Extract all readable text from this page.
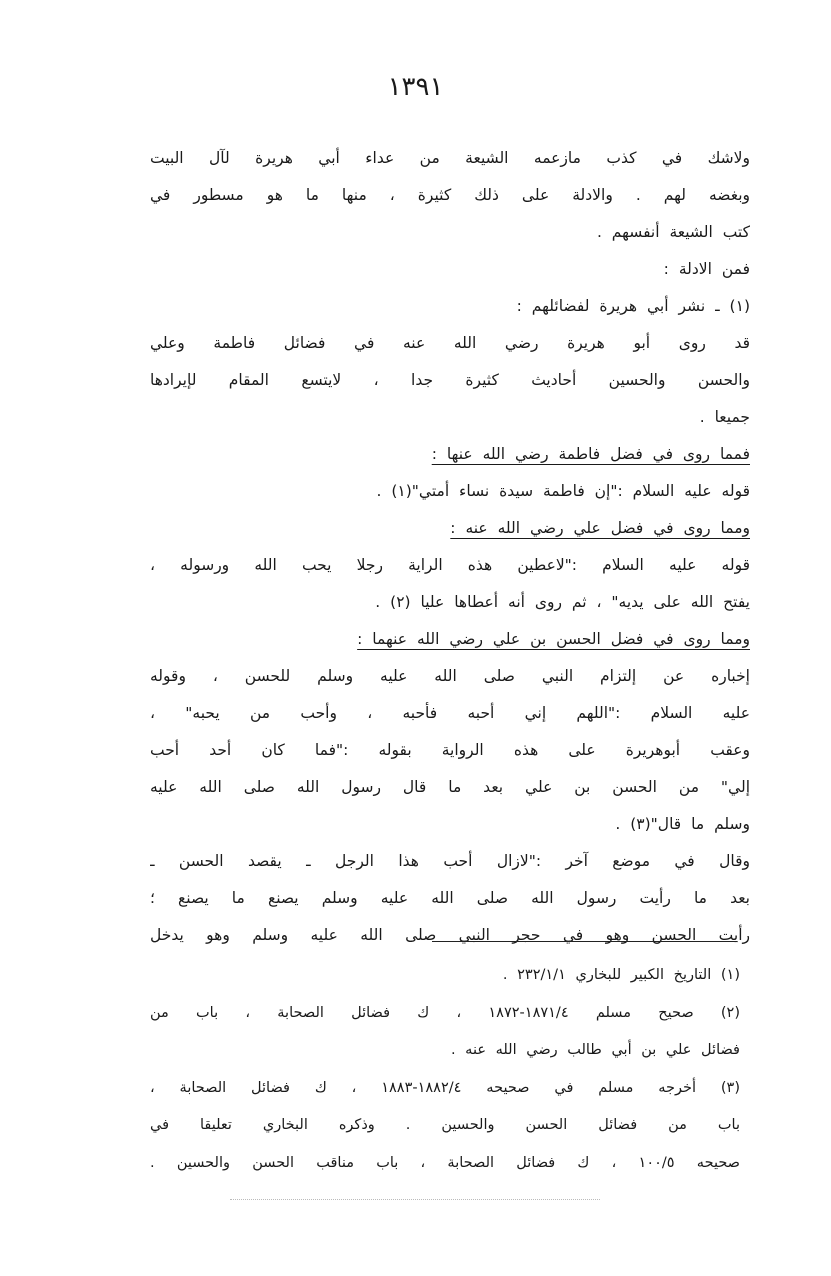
١٣٩١
ولاشك في كذب مازعمه الشيعة من عداء أبي هريرة لآل البيت
وبغضه لهم . والادلة على ذلك كثيرة ، منها ما هو مسطور في
كتب الشيعة أنفسهم .
فمن الادلة :
(١) ـ نشر أبي هريرة لفضائلهم :
قد روى أبو هريرة رضي الله عنه في فضائل فاطمة وعلي
والحسن والحسين أحاديث كثيرة جدا ، لايتسع المقام لإيرادها
جميعا .
فمما روى في فضل فاطمة رضي الله عنها :
قوله عليه السلام :"إن فاطمة سيدة نساء أمتي"(١) .
ومما روى في فضل علي رضي الله عنه :
قوله عليه السلام :"لاعطين هذه الراية رجلا يحب الله ورسوله ،
يفتح الله على يديه" ، ثم روى أنه أعطاها عليا (٢) .
ومما روى في فضل الحسن بن علي رضي الله عنهما :
إخباره عن إلتزام النبي صلى الله عليه وسلم للحسن ، وقوله
عليه السلام :"اللهم إني أحبه فأحبه ، وأحب من يحبه" ،
وعقب أبوهريرة على هذه الرواية بقوله :"فما كان أحد أحب
إلي" من الحسن بن علي بعد ما قال رسول الله صلى الله عليه
وسلم ما قال"(٣) .
وقال في موضع آخر :"لازال أحب هذا الرجل ـ يقصد الحسن ـ
بعد ما رأيت رسول الله صلى الله عليه وسلم يصنع ما يصنع ؛
رأيت الحسن وهو في حجر النبي صلى الله عليه وسلم وهو يدخل
(١) التاريخ الكبير للبخاري ٢٣٢/١/١ .
(٢) صحيح مسلم ١٨٧١/٤-١٨٧٢ ، ك فضائل الصحابة ، باب من
فضائل علي بن أبي طالب رضي الله عنه .
(٣) أخرجه مسلم في صحيحه ١٨٨٢/٤-١٨٨٣ ، ك فضائل الصحابة ،
باب من فضائل الحسن والحسين . وذكره البخاري تعليقا في
صحيحه ١٠٠/٥ ، ك فضائل الصحابة ، باب مناقب الحسن والحسين .
